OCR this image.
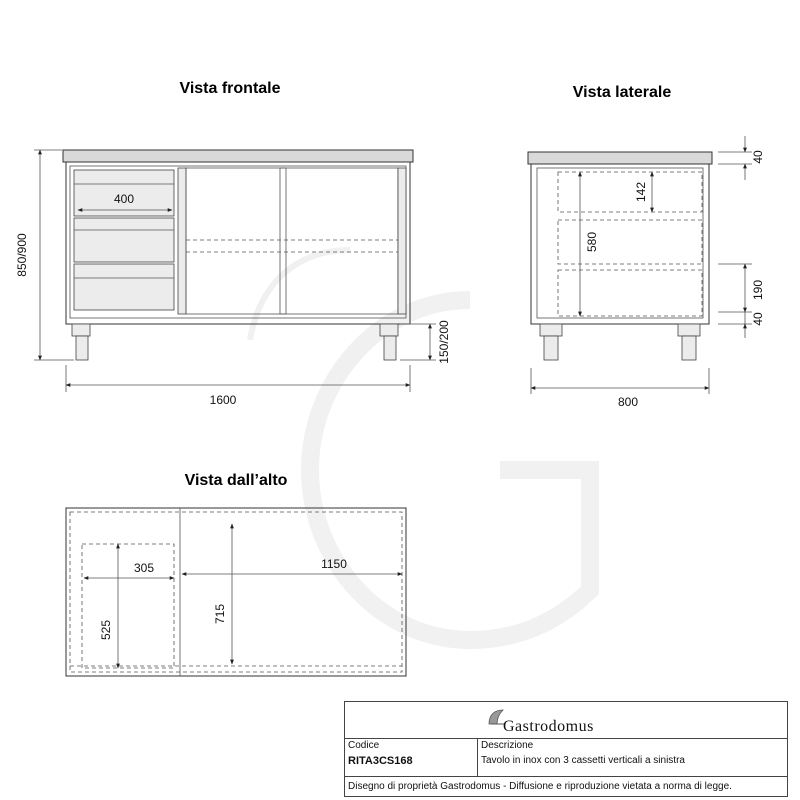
Vista frontale
850/900
1600
400
150/200
Vista laterale
800
40
142
580
190
40
Vista dall’alto
305
525
1150
715
Gastrodomus
Codice
RITA3CS168
Descrizione
Tavolo in inox con 3 cassetti verticali a sinistra
Disegno di proprietà Gastrodomus - Diffusione e riproduzione vietata a norma di legge.
